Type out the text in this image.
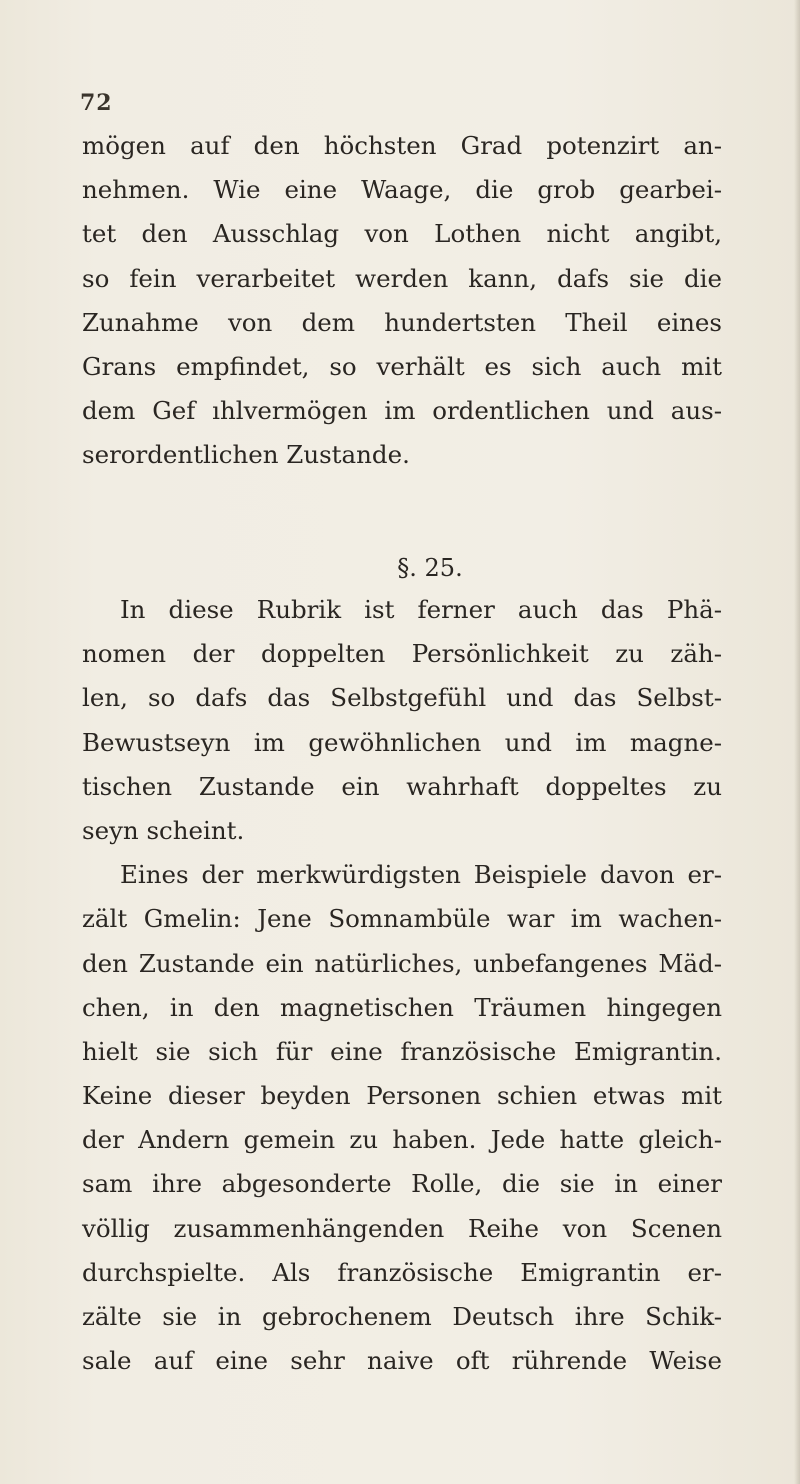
72
mögen auf den höchsten Grad potenzirt an-
nehmen. Wie eine Waage, die grob gearbei-
tet den Ausschlag von Lothen nicht angibt,
so fein verarbeitet werden kann, dafs sie die
Zunahme von dem hundertsten Theil eines
Grans empfindet, so verhält es sich auch mit
dem Gef ıhlvermögen im ordentlichen und aus-
serordentlichen Zustande.
§. 25.
In diese Rubrik ist ferner auch das Phä-
nomen der doppelten Persönlichkeit zu zäh-
len, so dafs das Selbstgefühl und das Selbst-
Bewustseyn im gewöhnlichen und im magne-
tischen Zustande ein wahrhaft doppeltes zu
seyn scheint.
Eines der merkwürdigsten Beispiele davon er-
zält Gmelin: Jene Somnambüle war im wachen-
den Zustande ein natürliches, unbefangenes Mäd-
chen, in den magnetischen Träumen hingegen
hielt sie sich für eine französische Emigrantin.
Keine dieser beyden Personen schien etwas mit
der Andern gemein zu haben. Jede hatte gleich-
sam ihre abgesonderte Rolle, die sie in einer
völlig zusammenhängenden Reihe von Scenen
durchspielte. Als französische Emigrantin er-
zälte sie in gebrochenem Deutsch ihre Schik-
sale auf eine sehr naive oft rührende Weise
